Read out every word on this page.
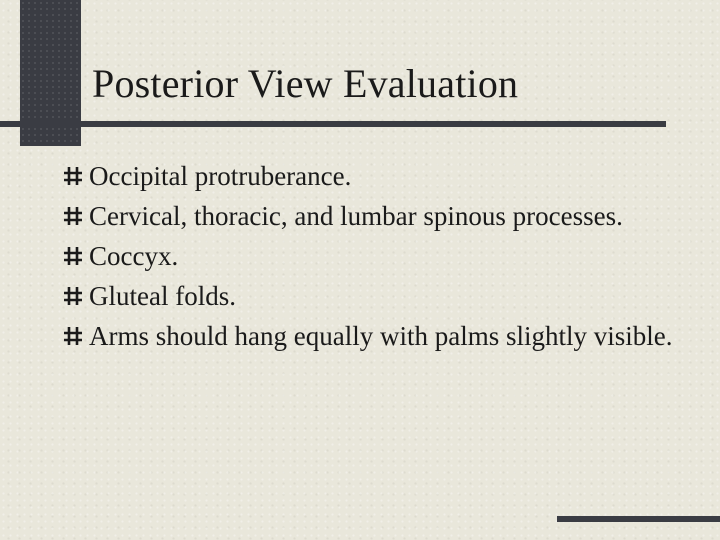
Posterior View Evaluation
Occipital protruberance.
Cervical, thoracic, and lumbar spinous processes.
Coccyx.
Gluteal folds.
Arms should hang equally with palms slightly visible.
